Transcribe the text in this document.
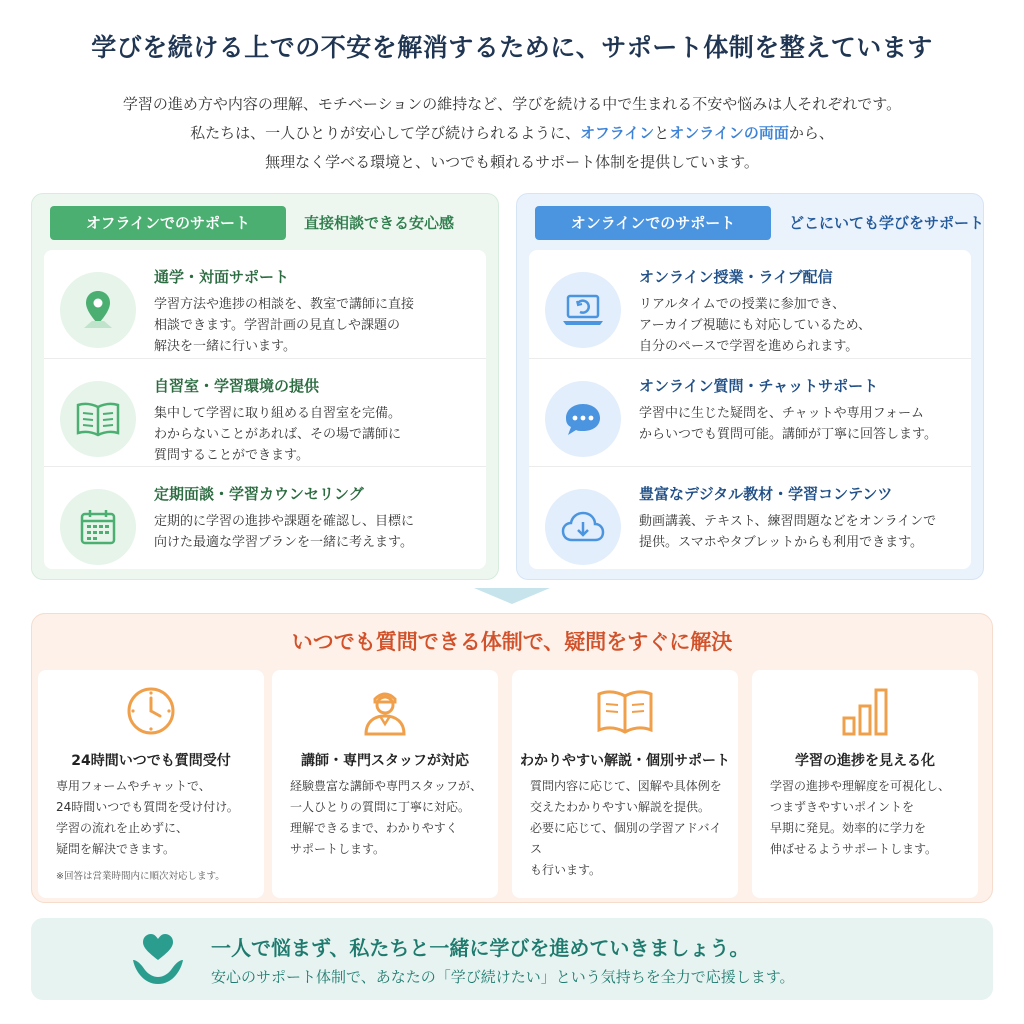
学びを続ける上での不安を解消するために、サポート体制を整えています
学習の進め方や内容の理解、モチベーションの維持など、学びを続ける中で生まれる不安や悩みは人それぞれです。
私たちは、一人ひとりが安心して学び続けられるように、オフラインとオンラインの両面から、
無理なく学べる環境と、いつでも頼れるサポート体制を提供しています。
オフラインでのサポート	直接相談できる安心感
通学・対面サポート
学習方法や進捗の相談を、教室で講師に直接
相談できます。学習計画の見直しや課題の
解決を一緒に行います。
自習室・学習環境の提供
集中して学習に取り組める自習室を完備。
わからないことがあれば、その場で講師に
質問することができます。
定期面談・学習カウンセリング
定期的に学習の進捗や課題を確認し、目標に
向けた最適な学習プランを一緒に考えます。
オンラインでのサポート	どこにいても学びをサポート
オンライン授業・ライブ配信
リアルタイムでの授業に参加でき、
アーカイブ視聴にも対応しているため、
自分のペースで学習を進められます。
オンライン質問・チャットサポート
学習中に生じた疑問を、チャットや専用フォーム
からいつでも質問可能。講師が丁寧に回答します。
豊富なデジタル教材・学習コンテンツ
動画講義、テキスト、練習問題などをオンラインで
提供。スマホやタブレットからも利用できます。
いつでも質問できる体制で、疑問をすぐに解決
24時間いつでも質問受付
専用フォームやチャットで、
24時間いつでも質問を受け付け。
学習の流れを止めずに、
疑問を解決できます。
※回答は営業時間内に順次対応します。
講師・専門スタッフが対応
経験豊富な講師や専門スタッフが、
一人ひとりの質問に丁寧に対応。
理解できるまで、わかりやすく
サポートします。
わかりやすい解説・個別サポート
質問内容に応じて、図解や具体例を
交えたわかりやすい解説を提供。
必要に応じて、個別の学習アドバイス
も行います。
学習の進捗を見える化
学習の進捗や理解度を可視化し、
つまずきやすいポイントを
早期に発見。効率的に学力を
伸ばせるようサポートします。
一人で悩まず、私たちと一緒に学びを進めていきましょう。
安心のサポート体制で、あなたの「学び続けたい」という気持ちを全力で応援します。
